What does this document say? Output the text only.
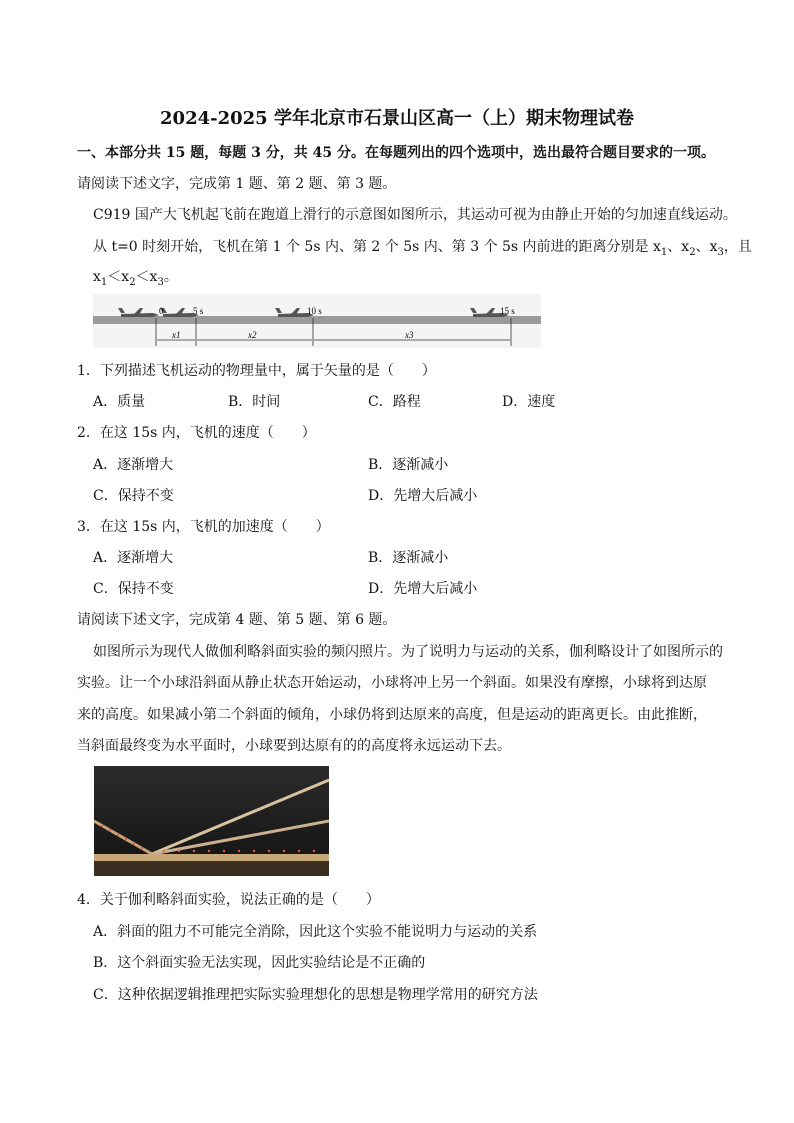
2024-2025 学年北京市石景山区高一（上）期末物理试卷
一、本部分共 15 题，每题 3 分，共 45 分。在每题列出的四个选项中，选出最符合题目要求的一项。
请阅读下述文字，完成第 1 题、第 2 题、第 3 题。
C919 国产大飞机起飞前在跑道上滑行的示意图如图所示，其运动可视为由静止开始的匀加速直线运动。
从 t=0 时刻开始，飞机在第 1 个 5s 内、第 2 个 5s 内、第 3 个 5s 内前进的距离分别是 $x_1$、$x_2$、$x_3$，且
$x_1<x_2<x_3$。
0	5 s	10 s	15 s
x1	x2	x3
1．下列描述飞机运动的物理量中，属于矢量的是（　　）
A．质量	B．时间	C．路程	D．速度
2．在这 15s 内，飞机的速度（　　）
A．逐渐增大	B．逐渐减小
C．保持不变	D．先增大后减小
3．在这 15s 内，飞机的加速度（　　）
A．逐渐增大	B．逐渐减小
C．保持不变	D．先增大后减小
请阅读下述文字，完成第 4 题、第 5 题、第 6 题。
如图所示为现代人做伽利略斜面实验的频闪照片。为了说明力与运动的关系，伽利略设计了如图所示的
实验。让一个小球沿斜面从静止状态开始运动，小球将冲上另一个斜面。如果没有摩擦，小球将到达原
来的高度。如果减小第二个斜面的倾角，小球仍将到达原来的高度，但是运动的距离更长。由此推断，
当斜面最终变为水平面时，小球要到达原有的的高度将永远运动下去。
4．关于伽利略斜面实验，说法正确的是（　　）
A．斜面的阻力不可能完全消除，因此这个实验不能说明力与运动的关系
B．这个斜面实验无法实现，因此实验结论是不正确的
C．这种依据逻辑推理把实际实验理想化的思想是物理学常用的研究方法
